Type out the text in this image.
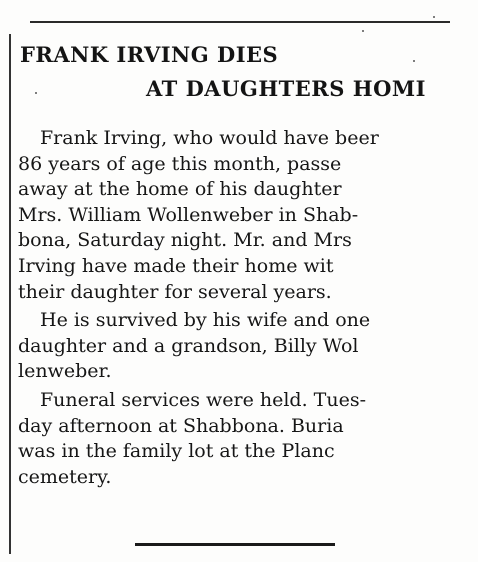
FRANK IRVING DIES
AT DAUGHTERS HOMI
Frank Irving, who would have beer
86 years of age this month, passe
away at the home of his daughter
Mrs. William Wollenweber in Shab-
bona, Saturday night. Mr. and Mrs
Irving have made their home wit
their daughter for several years.
He is survived by his wife and one
daughter and a grandson, Billy Wol
lenweber.
Funeral services were held. Tues-
day afternoon at Shabbona. Buria
was in the family lot at the Planc
cemetery.
